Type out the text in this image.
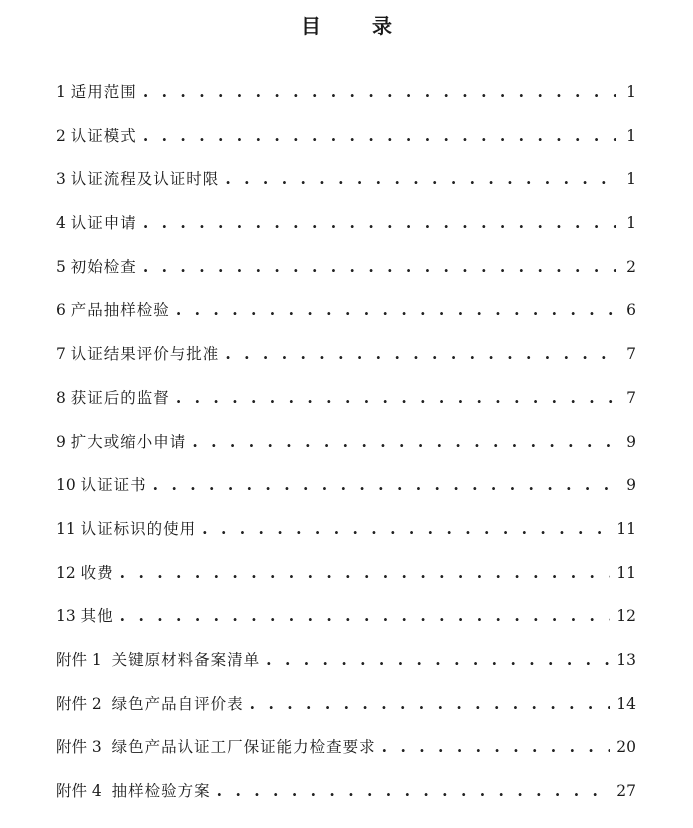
目 录
1 适用范围 . . .	1
2 认证模式 . . .	1
3 认证流程及认证时限 . . .	1
4 认证申请 . . .	1
5 初始检查 . . .	2
6 产品抽样检验 . . .	6
7 认证结果评价与批准 . . .	7
8 获证后的监督 . . .	7
9 扩大或缩小申请 . . .	9
10 认证证书 . . .	9
11 认证标识的使用 . . .	11
12 收费 . . .	11
13 其他 . . .	12
附件 1 关键原材料备案清单 . . .	13
附件 2 绿色产品自评价表 . . .	14
附件 3 绿色产品认证工厂保证能力检查要求 . . .	20
附件 4 抽样检验方案 . . .	27
